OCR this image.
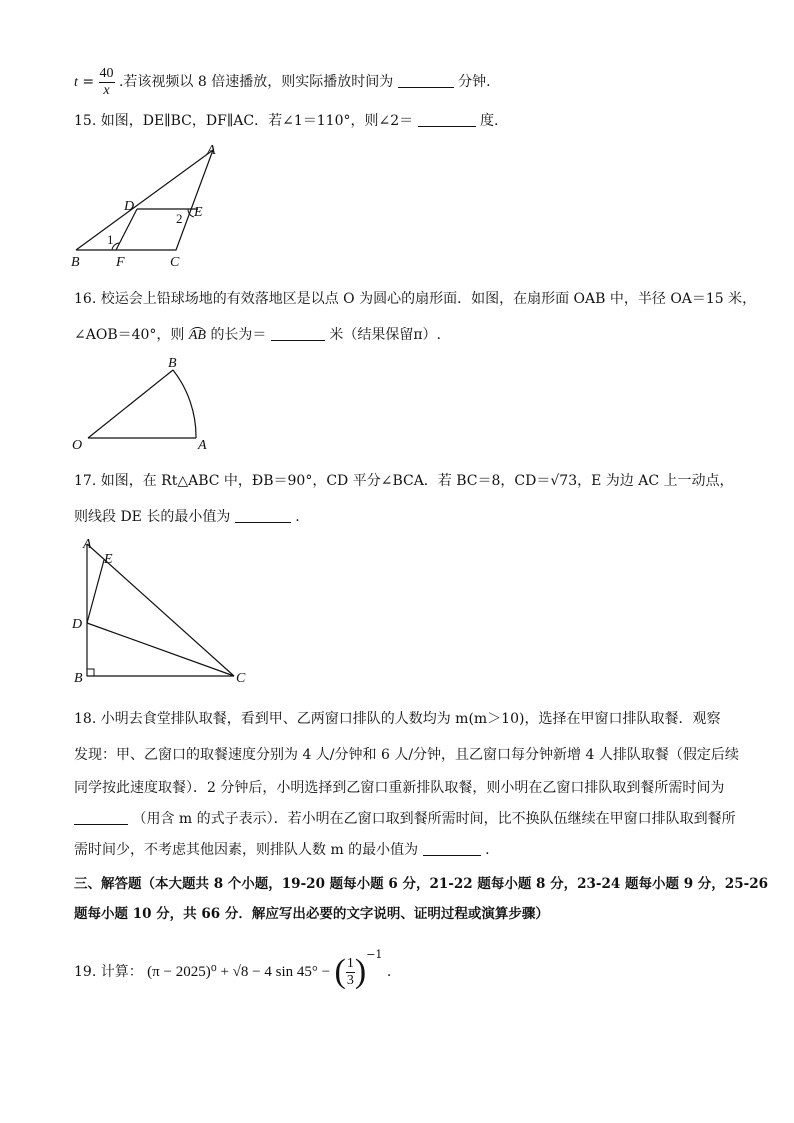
$t = \frac{40}{x}$ .若该视频以 8 倍速播放，则实际播放时间为	分钟.
15. 如图，DE∥BC，DF∥AC．若∠1＝110°，则∠2＝	度.
A
D	E
B	F	C
1
2
16. 校运会上铅球场地的有效落地区是以点 O 为圆心的扇形面．如图，在扇形面 OAB 中，半径 OA＝15 米，
∠AOB＝40°，则 AB 的长为＝	米（结果保留π）.
O	A
B
17. 如图，在 Rt△ABC 中，ÐB＝90°，CD 平分∠BCA．若 BC＝8，CD＝√73，E 为边 AC 上一动点，
则线段 DE 长的最小值为	.
A
E
D
B	C
18. 小明去食堂排队取餐，看到甲、乙两窗口排队的人数均为 m(m＞10)，选择在甲窗口排队取餐．观察
发现：甲、乙窗口的取餐速度分别为 4 人/分钟和 6 人/分钟，且乙窗口每分钟新增 4 人排队取餐（假定后续
同学按此速度取餐）．2 分钟后，小明选择到乙窗口重新排队取餐，则小明在乙窗口排队取到餐所需时间为
（用含 m 的式子表示）．若小明在乙窗口取到餐所需时间，比不换队伍继续在甲窗口排队取到餐所
需时间少，不考虑其他因素，则排队人数 m 的最小值为	.
三、解答题（本大题共 8 个小题，19-20 题每小题 6 分，21-22 题每小题 8 分，23-24 题每小题 9 分，25-26
题每小题 10 分，共 66 分．解应写出必要的文字说明、证明过程或演算步骤）
19. 计算： (π − 2025)⁰ + √8 − 4 sin 45° − ( $\frac{1}{3} )^{-1}$ .
